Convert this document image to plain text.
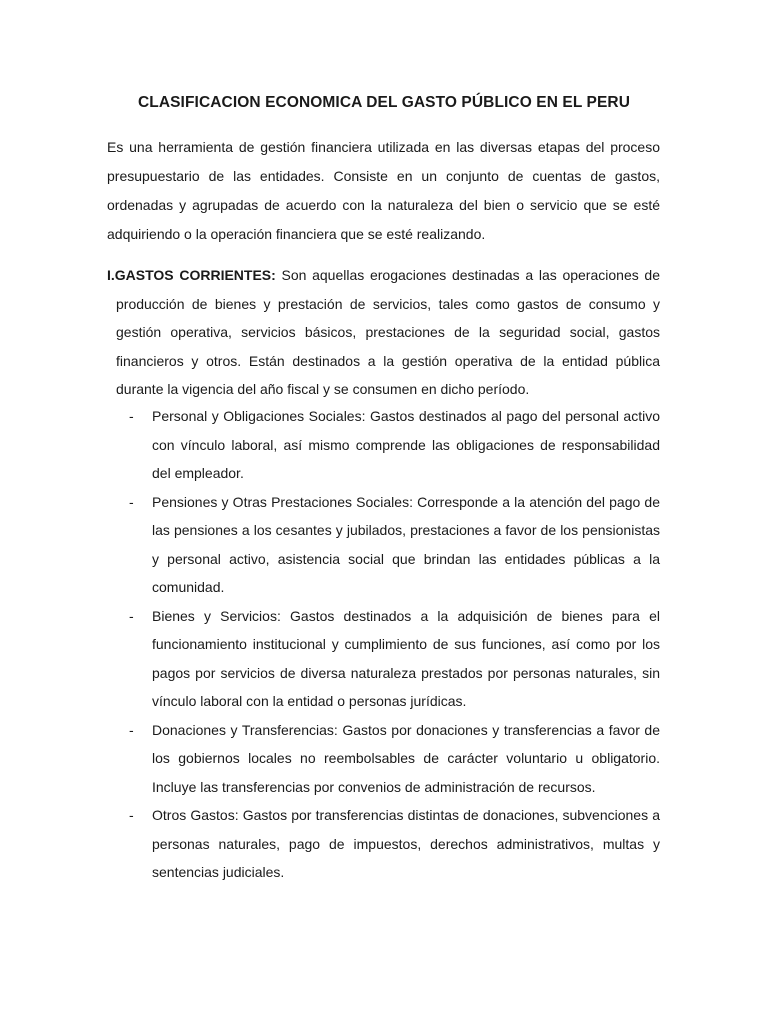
CLASIFICACION ECONOMICA DEL GASTO PÚBLICO EN EL PERU

Es una herramienta de gestión financiera utilizada en las diversas etapas del proceso presupuestario de las entidades. Consiste en un conjunto de cuentas de gastos, ordenadas y agrupadas de acuerdo con la naturaleza del bien o servicio que se esté adquiriendo o la operación financiera que se esté realizando.

I.GASTOS CORRIENTES: Son aquellas erogaciones destinadas a las operaciones de producción de bienes y prestación de servicios, tales como gastos de consumo y gestión operativa, servicios básicos, prestaciones de la seguridad social, gastos financieros y otros. Están destinados a la gestión operativa de la entidad pública durante la vigencia del año fiscal y se consumen en dicho período.

- Personal y Obligaciones Sociales: Gastos destinados al pago del personal activo con vínculo laboral, así mismo comprende las obligaciones de responsabilidad del empleador.
- Pensiones y Otras Prestaciones Sociales: Corresponde a la atención del pago de las pensiones a los cesantes y jubilados, prestaciones a favor de los pensionistas y personal activo, asistencia social que brindan las entidades públicas a la comunidad.
- Bienes y Servicios: Gastos destinados a la adquisición de bienes para el funcionamiento institucional y cumplimiento de sus funciones, así como por los pagos por servicios de diversa naturaleza prestados por personas naturales, sin vínculo laboral con la entidad o personas jurídicas.
- Donaciones y Transferencias: Gastos por donaciones y transferencias a favor de los gobiernos locales no reembolsables de carácter voluntario u obligatorio. Incluye las transferencias por convenios de administración de recursos.
- Otros Gastos: Gastos por transferencias distintas de donaciones, subvenciones a personas naturales, pago de impuestos, derechos administrativos, multas y sentencias judiciales.
